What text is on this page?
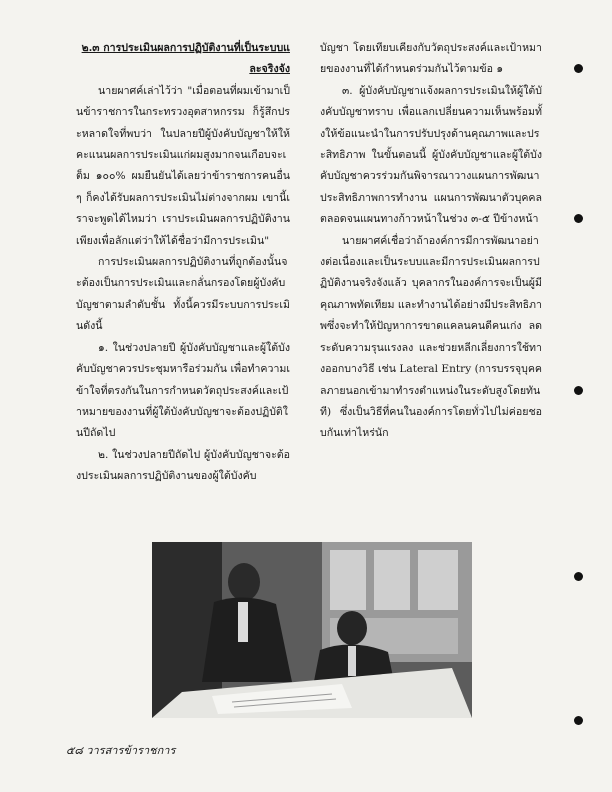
๒.๓ การประเมินผลการปฏิบัติงานที่เป็นระบบและจริงจัง

นายผาศค์เล่าไว้ว่า "เมื่อตอนที่ผมเข้ามาเป็นข้าราชการในกระทรวงอุตสาหกรรม ก็รู้สึกประหลาดใจที่พบว่า ในปลายปีผู้บังคับบัญชาให้ให้คะแนนผลการประเมินแก่ผมสูงมากจนเกือบจะเต็ม ๑๐๐% ผมยืนยันได้เลยว่าข้าราชการคนอื่น ๆ ก็คงได้รับผลการประเมินไม่ต่างจากผม เขานี้เราจะพูดได้ไหมว่า เราประเมินผลการปฏิบัติงานเพียงเพื่อลักแต่ว่าให้ได้ชื่อว่ามีการประเมิน"

การประเมินผลการปฏิบัติงานที่ถูกต้องนั้นจะต้องเป็นการประเมินและกลั่นกรองโดยผู้บังคับบัญชาตามลำดับชั้น ทั้งนี้ควรมีระบบการประเมินดังนี้

๑. ในช่วงปลายปี ผู้บังคับบัญชาและผู้ใต้บังคับบัญชาควรประชุมหารือร่วมกัน เพื่อทำความเข้าใจที่ตรงกันในการกำหนดวัตถุประสงค์และเป้าหมายของงานที่ผู้ใต้บังคับบัญชาจะต้องปฏิบัติในปีถัดไป

๒. ในช่วงปลายปีถัดไป ผู้บังคับบัญชาจะต้องประเมินผลการปฏิบัติงานของผู้ใต้บังคับ

บัญชา โดยเทียบเคียงกับวัตถุประสงค์และเป้าหมายของงานที่ได้กำหนดร่วมกันไว้ตามข้อ ๑

๓. ผู้บังคับบัญชาแจ้งผลการประเมินให้ผู้ใต้บังคับบัญชาทราบ เพื่อแลกเปลี่ยนความเห็นพร้อมทั้งให้ข้อแนะนำในการปรับปรุงด้านคุณภาพและประสิทธิภาพ ในขั้นตอนนี้ ผู้บังคับบัญชาและผู้ใต้บังคับบัญชาควรร่วมกันพิจารณาวางแผนการพัฒนาประสิทธิภาพการทำงาน แผนการพัฒนาตัวบุคคลตลอดจนแผนทางก้าวหน้าในช่วง ๓-๕ ปีข้างหน้า

นายผาศค์เชื่อว่าถ้าองค์การมีการพัฒนาอย่างต่อเนื่องและเป็นระบบและมีการประเมินผลการปฏิบัติงานจริงจังแล้ว บุคลากรในองค์การจะเป็นผู้มีคุณภาพทัดเทียม และทำงานได้อย่างมีประสิทธิภาพซึ่งจะทำให้ปัญหาการขาดแคลนคนดีคนเก่ง ลดระดับความรุนแรงลง และช่วยหลีกเลี่ยงการใช้ทางออกบางวิธี เช่น Lateral Entry (การบรรจุบุคคลภายนอกเข้ามาทำรงตำแหน่งในระดับสูงโดยทันที) ซึ่งเป็นวิธีที่คนในองค์การโดยทั่วไปไม่ค่อยชอบกันเท่าไหร่นัก

๕๘ วารสารข้าราชการ
